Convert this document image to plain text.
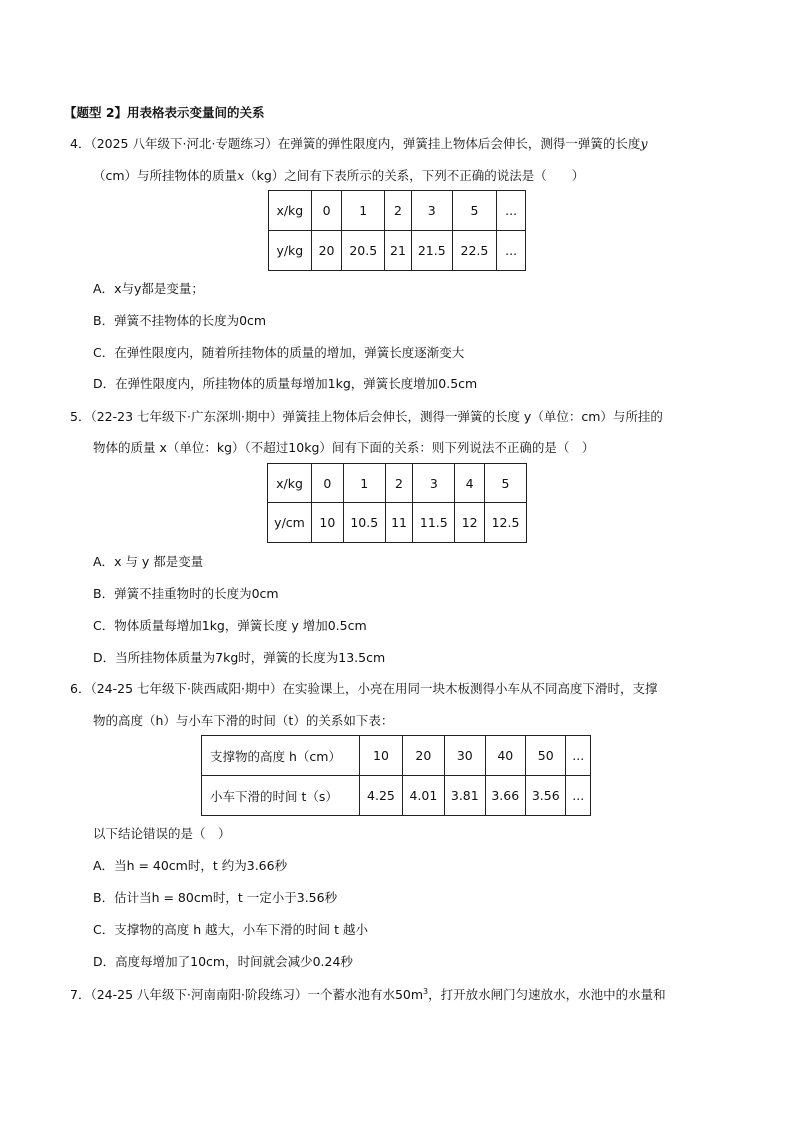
【题型 2】用表格表示变量间的关系
4．（2025 八年级下·河北·专题练习）在弹簧的弹性限度内，弹簧挂上物体后会伸长，测得一弹簧的长度y
（cm）与所挂物体的质量x（kg）之间有下表所示的关系，下列不正确的说法是（　　）
x/kg	0	1	2	3	5	...
y/kg	20	20.5	21	21.5	22.5	...
A．x与y都是变量；
B．弹簧不挂物体的长度为0cm
C．在弹性限度内，随着所挂物体的质量的增加，弹簧长度逐渐变大
D．在弹性限度内，所挂物体的质量每增加1kg，弹簧长度增加0.5cm
5．（22-23 七年级下·广东深圳·期中）弹簧挂上物体后会伸长，测得一弹簧的长度 y（单位：cm）与所挂的
物体的质量 x（单位：kg）（不超过10kg）间有下面的关系：则下列说法不正确的是（　）
x/kg	0	1	2	3	4	5
y/cm	10	10.5	11	11.5	12	12.5
A．x 与 y 都是变量
B．弹簧不挂重物时的长度为0cm
C．物体质量每增加1kg，弹簧长度 y 增加0.5cm
D．当所挂物体质量为7kg时，弹簧的长度为13.5cm
6．（24-25 七年级下·陕西咸阳·期中）在实验课上，小亮在用同一块木板测得小车从不同高度下滑时，支撑
物的高度（h）与小车下滑的时间（t）的关系如下表：
支撑物的高度 h（cm）	10	20	30	40	50	...
小车下滑的时间 t（s）	4.25	4.01	3.81	3.66	3.56	...
以下结论错误的是（　）
A．当h = 40cm时，t 约为3.66秒
B．估计当h = 80cm时，t 一定小于3.56秒
C．支撑物的高度 h 越大，小车下滑的时间 t 越小
D．高度每增加了10cm，时间就会减少0.24秒
7．（24-25 八年级下·河南南阳·阶段练习）一个蓄水池有水$50m^3$，打开放水闸门匀速放水，水池中的水量和
